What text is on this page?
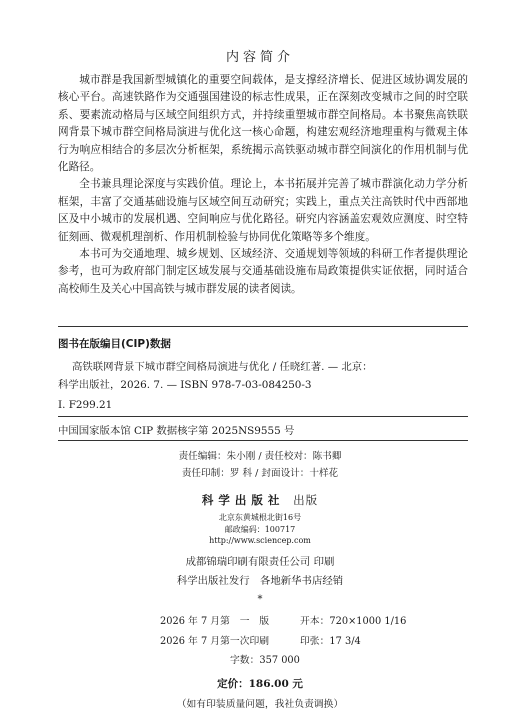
内容简介

城市群是我国新型城镇化的重要空间载体，是支撑经济增长、促进区域协调发展的核心平台。高速铁路作为交通强国建设的标志性成果，正在深刻改变城市之间的时空联系、要素流动格局与区域空间组织方式，并持续重塑城市群空间格局。本书聚焦高铁联网背景下城市群空间格局演进与优化这一核心命题，构建宏观经济地理重构与微观主体行为响应相结合的多层次分析框架，系统揭示高铁驱动城市群空间演化的作用机制与优化路径。

全书兼具理论深度与实践价值。理论上，本书拓展并完善了城市群演化动力学分析框架，丰富了交通基础设施与区域空间互动研究；实践上，重点关注高铁时代中西部地区及中小城市的发展机遇、空间响应与优化路径。研究内容涵盖宏观效应测度、时空特征刻画、微观机理剖析、作用机制检验与协同优化策略等多个维度。

本书可为交通地理、城乡规划、区域经济、交通规划等领域的科研工作者提供理论参考，也可为政府部门制定区域发展与交通基础设施布局政策提供实证依据，同时适合高校师生及关心中国高铁与城市群发展的读者阅读。

图书在版编目(CIP)数据
高铁联网背景下城市群空间格局演进与优化 / 任晓红著. — 北京：
科学出版社，2026. 7. — ISBN 978-7-03-084250-3
Ⅰ. F299.21
中国国家版本馆 CIP 数据核字第 2025NS9555 号
责任编辑：朱小刚 / 责任校对：陈书卿
责任印制：罗 科 / 封面设计：十样花
科学出版社 出版
北京东黄城根北街16号
邮政编码：100717
http://www.sciencep.com
成都锦瑞印刷有限责任公司 印刷
科学出版社发行　各地新华书店经销
*
2026 年 7 月第　一　版	开本：720×1000 1/16
2026 年 7 月第一次印刷	印张：17 3/4
字数：357 000
定价：186.00 元
（如有印装质量问题，我社负责调换）
